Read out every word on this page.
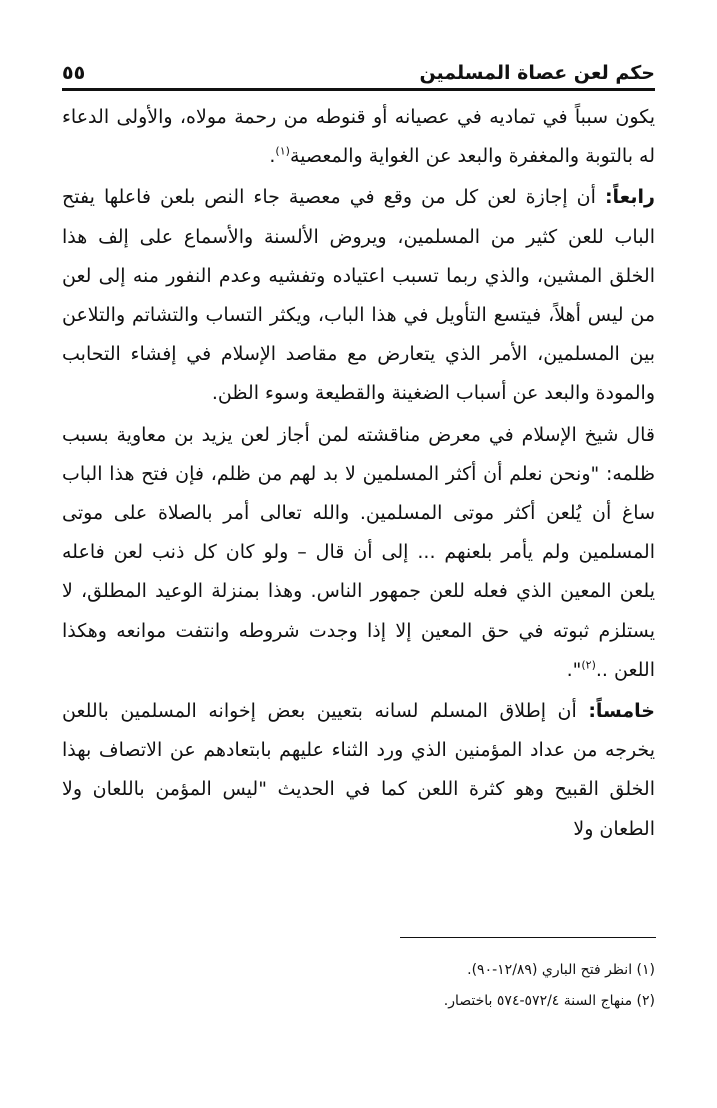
حكم لعن عصاة المسلمين
٥٥

يكون سبباً في تماديه في عصيانه أو قنوطه من رحمة مولاه، والأولى الدعاء له بالتوبة والمغفرة والبعد عن الغواية والمعصية$^{(١)}$.

رابعاً: أن إجازة لعن كل من وقع في معصية جاء النص بلعن فاعلها يفتح الباب للعن كثير من المسلمين، ويروض الألسنة والأسماع على إلف هذا الخلق المشين، والذي ربما تسبب اعتياده وتفشيه وعدم النفور منه إلى لعن من ليس أهلاً، فيتسع التأويل في هذا الباب، ويكثر التساب والتشاتم والتلاعن بين المسلمين، الأمر الذي يتعارض مع مقاصد الإسلام في إفشاء التحابب والمودة والبعد عن أسباب الضغينة والقطيعة وسوء الظن.

قال شيخ الإسلام في معرض مناقشته لمن أجاز لعن يزيد بن معاوية بسبب ظلمه: "ونحن نعلم أن أكثر المسلمين لا بد لهم من ظلم، فإن فتح هذا الباب ساغ أن يُلعن أكثر موتى المسلمين. والله تعالى أمر بالصلاة على موتى المسلمين ولم يأمر بلعنهم ... إلى أن قال – ولو كان كل ذنب لعن فاعله يلعن المعين الذي فعله للعن جمهور الناس. وهذا بمنزلة الوعيد المطلق، لا يستلزم ثبوته في حق المعين إلا إذا وجدت شروطه وانتفت موانعه وهكذا اللعن ..$^{(٢)}$".

خامساً: أن إطلاق المسلم لسانه بتعيين بعض إخوانه المسلمين باللعن يخرجه من عداد المؤمنين الذي ورد الثناء عليهم بابتعادهم عن الاتصاف بهذا الخلق القبيح وهو كثرة اللعن كما في الحديث "ليس المؤمن باللعان ولا الطعان ولا

(١) انظر فتح الباري (١٢/٨٩-٩٠).
(٢) منهاج السنة ٥٧٢/٤-٥٧٤ باختصار.
